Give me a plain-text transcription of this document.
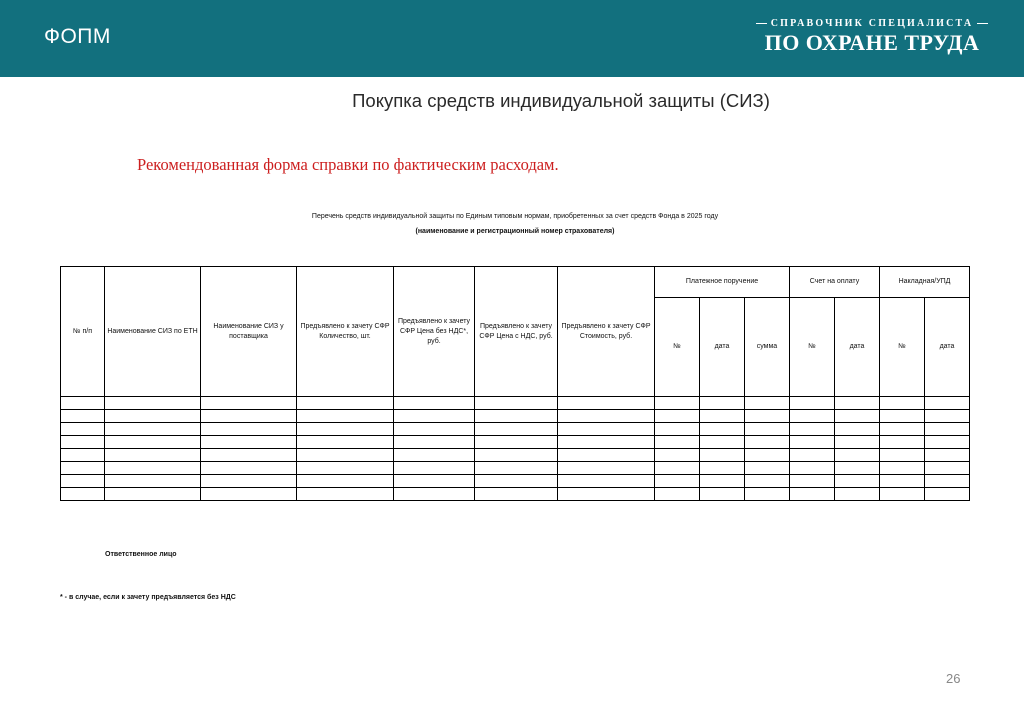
ФОПМ
СПРАВОЧНИК СПЕЦИАЛИСТА
ПО ОХРАНЕ ТРУДА
Покупка средств индивидуальной защиты (СИЗ)
Рекомендованная форма справки по фактическим расходам.
Перечень средств индивидуальной защиты по Единым типовым нормам, приобретенных за счет средств Фонда в 2025 году
(наименование и регистрационный номер страхователя)
№ п/п	Наименование СИЗ по ЕТН	Наименование СИЗ у поставщика	Предъявлено к зачету СФР Количество, шт.	Предъявлено к зачету СФР Цена без НДС*, руб.	Предъявлено к зачету СФР Цена с НДС, руб.	Предъявлено к зачету СФР Стоимость, руб.	Платежное поручение			Счет на оплату		Накладная/УПД	
							№	дата	сумма	№	дата	№	дата

Ответственное лицо
* - в случае, если к зачету предъявляется без НДС
26
